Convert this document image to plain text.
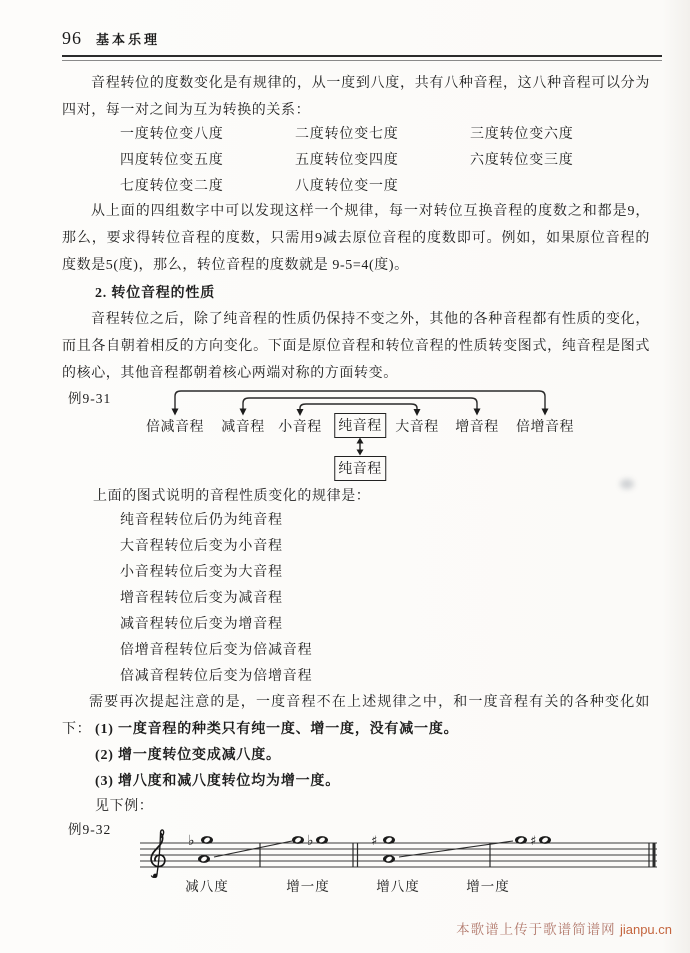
96 基本乐理
音程转位的度数变化是有规律的，从一度到八度，共有八种音程，这八种音程可以分为四对，每一对之间为互为转换的关系：
一度转位变八度	二度转位变七度	三度转位变六度
四度转位变五度	五度转位变四度	六度转位变三度
七度转位变二度	八度转位变一度
从上面的四组数字中可以发现这样一个规律，每一对转位互换音程的度数之和都是9，那么，要求得转位音程的度数，只需用9减去原位音程的度数即可。例如，如果原位音程的度数是5(度)，那么，转位音程的度数就是 9-5=4(度)。
2. 转位音程的性质
音程转位之后，除了纯音程的性质仍保持不变之外，其他的各种音程都有性质的变化，而且各自朝着相反的方向变化。下面是原位音程和转位音程的性质转变图式，纯音程是图式的核心，其他音程都朝着核心两端对称的方面转变。
例9-31
倍减音程 减音程 小音程 纯音程 大音程 增音程 倍增音程
纯音程
上面的图式说明的音程性质变化的规律是：
纯音程转位后仍为纯音程
大音程转位后变为小音程
小音程转位后变为大音程
增音程转位后变为减音程
减音程转位后变为增音程
倍增音程转位后变为倍减音程
倍减音程转位后变为倍增音程
需要再次提起注意的是，一度音程不在上述规律之中，和一度音程有关的各种变化如下： (1) 一度音程的种类只有纯一度、增一度，没有减一度。
(2) 增一度转位变成减八度。
(3) 增八度和减八度转位均为增一度。
见下例：
例9-32
♭	♭	♯	♯
减八度	增一度	增八度	增一度
本歌谱上传于歌谱简谱网 jianpu.cn
